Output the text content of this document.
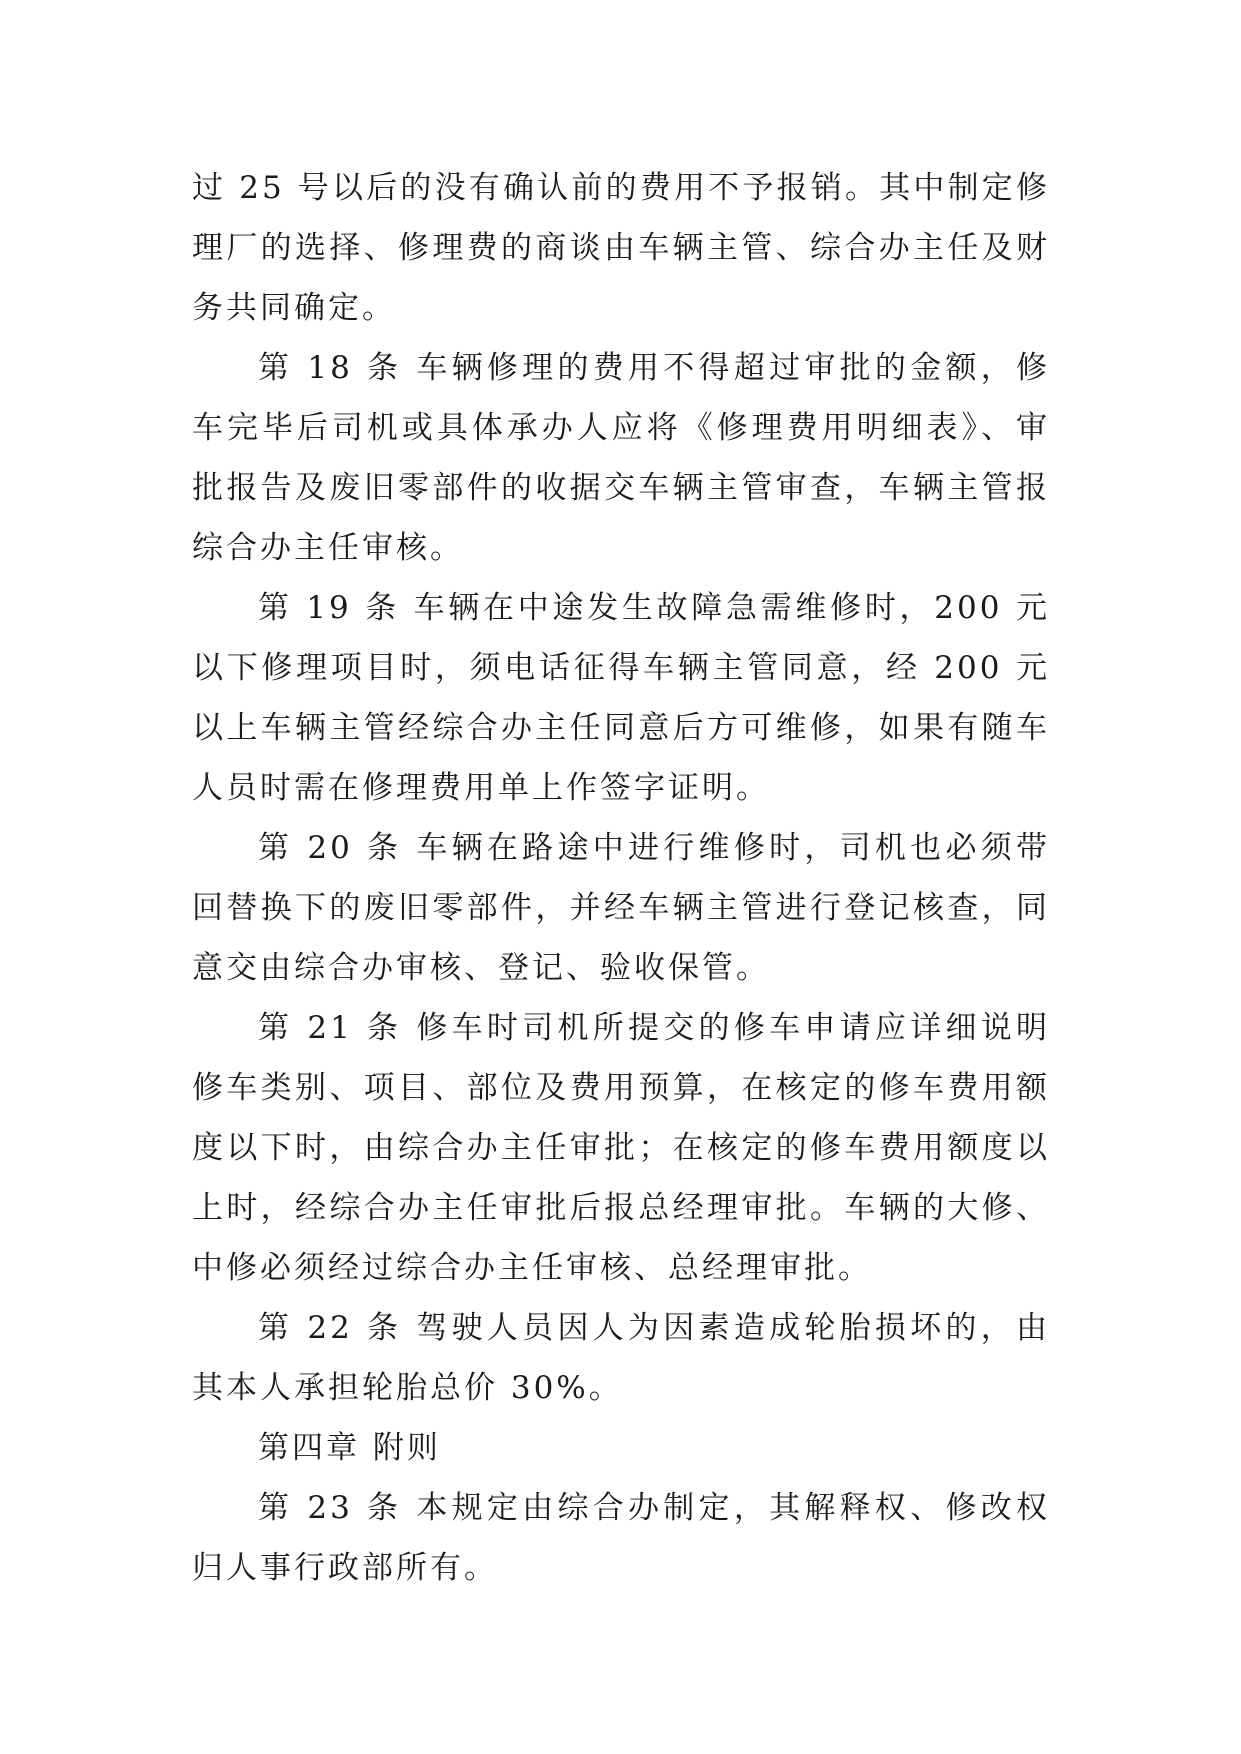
过 25 号以后的没有确认前的费用不予报销。其中制定修理厂的选择、修理费的商谈由车辆主管、综合办主任及财务共同确定。

第 18 条 车辆修理的费用不得超过审批的金额，修车完毕后司机或具体承办人应将《修理费用明细表》、审批报告及废旧零部件的收据交车辆主管审查，车辆主管报综合办主任审核。

第 19 条 车辆在中途发生故障急需维修时，200 元以下修理项目时，须电话征得车辆主管同意，经 200 元以上车辆主管经综合办主任同意后方可维修，如果有随车人员时需在修理费用单上作签字证明。

第 20 条 车辆在路途中进行维修时，司机也必须带回替换下的废旧零部件，并经车辆主管进行登记核查，同意交由综合办审核、登记、验收保管。

第 21 条 修车时司机所提交的修车申请应详细说明修车类别、项目、部位及费用预算，在核定的修车费用额度以下时，由综合办主任审批；在核定的修车费用额度以上时，经综合办主任审批后报总经理审批。车辆的大修、中修必须经过综合办主任审核、总经理审批。

第 22 条 驾驶人员因人为因素造成轮胎损坏的，由其本人承担轮胎总价 30%。

第四章 附则

第 23 条 本规定由综合办制定，其解释权、修改权归人事行政部所有。
